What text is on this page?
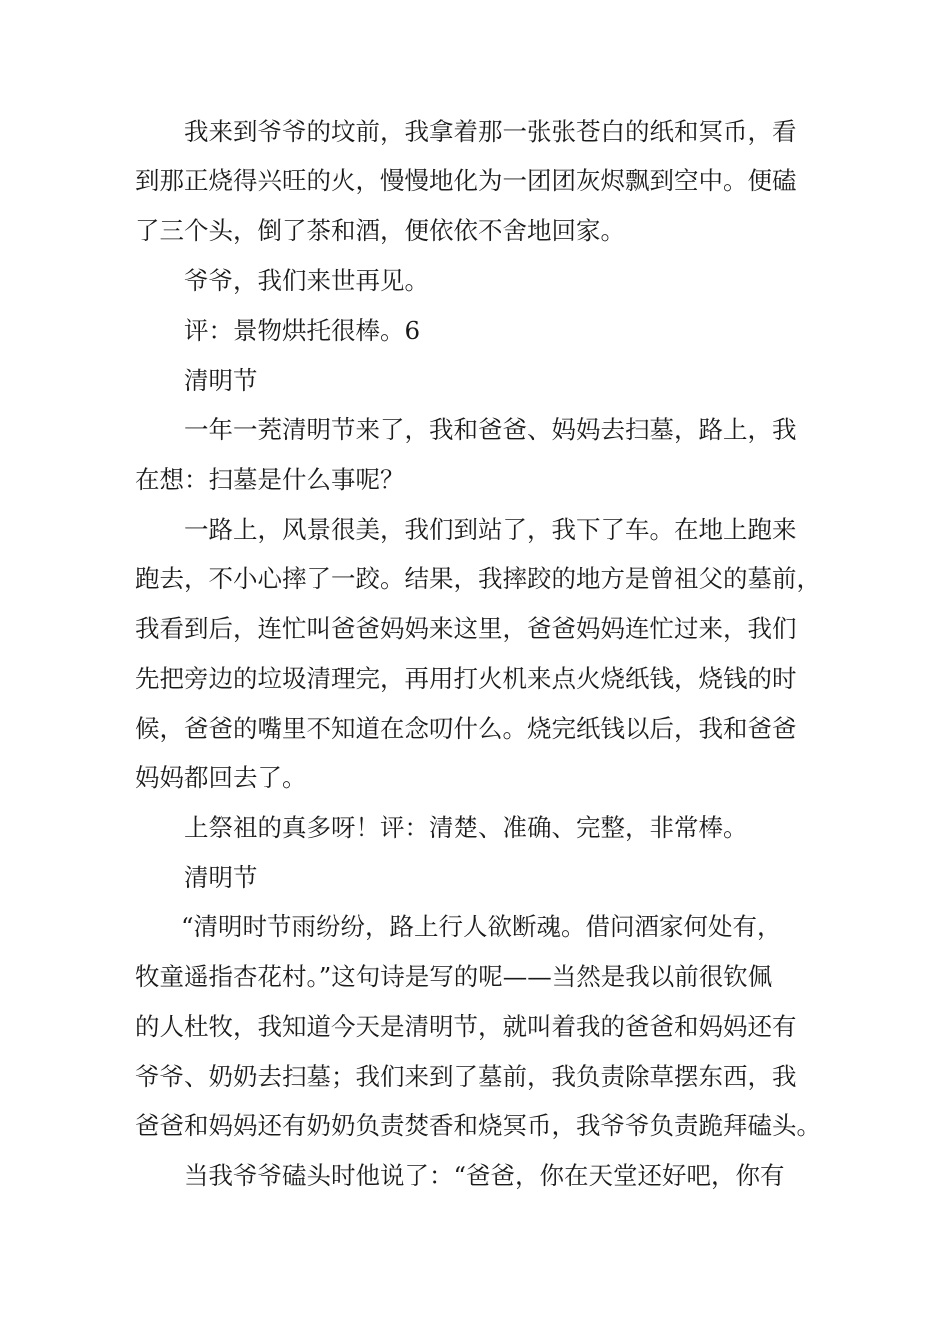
我来到爷爷的坟前，我拿着那一张张苍白的纸和冥币，看
到那正烧得兴旺的火，慢慢地化为一团团灰烬飘到空中。便磕
了三个头，倒了茶和酒，便依依不舍地回家。
爷爷，我们来世再见。
评：景物烘托很棒。6
清明节
一年一茺清明节来了，我和爸爸、妈妈去扫墓，路上，我
在想：扫墓是什么事呢？
一路上，风景很美，我们到站了，我下了车。在地上跑来
跑去，不小心摔了一跤。结果，我摔跤的地方是曾祖父的墓前，
我看到后，连忙叫爸爸妈妈来这里，爸爸妈妈连忙过来，我们
先把旁边的垃圾清理完，再用打火机来点火烧纸钱，烧钱的时
候，爸爸的嘴里不知道在念叨什么。烧完纸钱以后，我和爸爸
妈妈都回去了。
上祭祖的真多呀！评：清楚、准确、完整，非常棒。
清明节
“清明时节雨纷纷，路上行人欲断魂。借问酒家何处有，
牧童遥指杏花村。”这句诗是写的呢——当然是我以前很钦佩
的人杜牧，我知道今天是清明节，就叫着我的爸爸和妈妈还有
爷爷、奶奶去扫墓；我们来到了墓前，我负责除草摆东西，我
爸爸和妈妈还有奶奶负责焚香和烧冥币，我爷爷负责跪拜磕头。
当我爷爷磕头时他说了：“爸爸，你在天堂还好吧，你有
